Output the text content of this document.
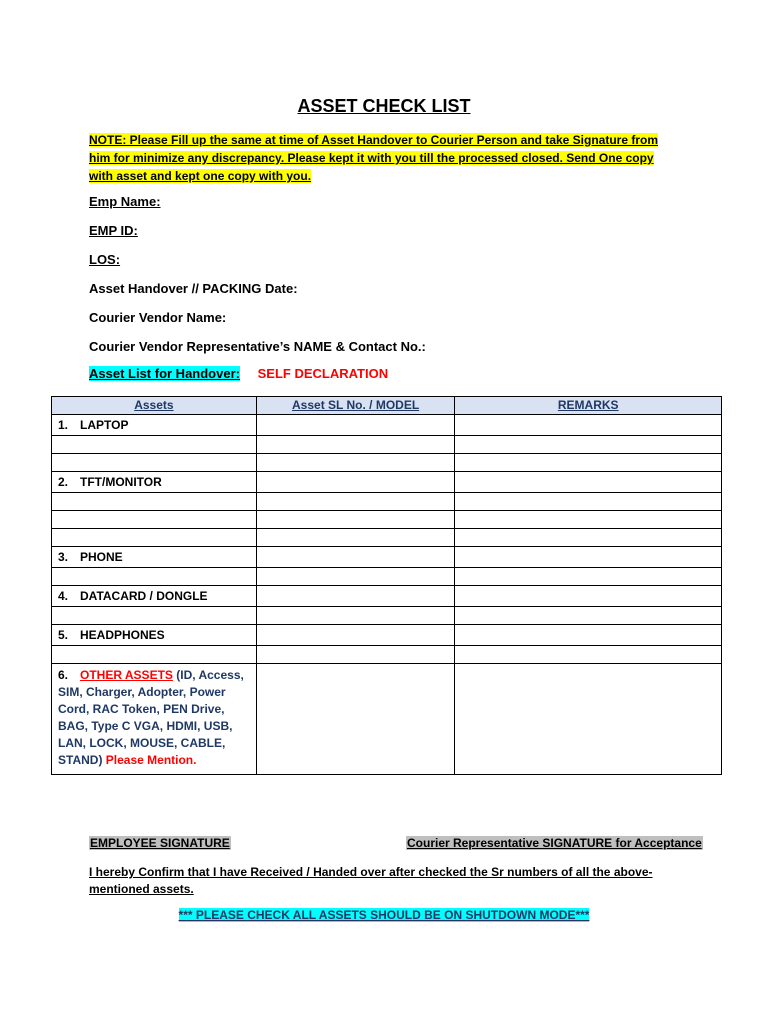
ASSET CHECK LIST
NOTE: Please Fill up the same at time of Asset Handover to Courier Person and take Signature from him for minimize any discrepancy. Please kept it with you till the processed closed. Send One copy with asset and kept one copy with you.
Emp Name:
EMP ID:
LOS:
Asset Handover // PACKING Date:
Courier Vendor Name:
Courier Vendor Representative’s NAME & Contact No.:
Asset List for Handover: SELF DECLARATION
Assets	Asset SL No. / MODEL	REMARKS
1. LAPTOP		

2. TFT/MONITOR		

3. PHONE		

4. DATACARD / DONGLE		

5. HEADPHONES		

6. OTHER ASSETS (ID, Access, SIM, Charger, Adopter, Power Cord, RAC Token, PEN Drive, BAG, Type C VGA, HDMI, USB, LAN, LOCK, MOUSE, CABLE, STAND) Please Mention.		

EMPLOYEE SIGNATURE	Courier Representative SIGNATURE for Acceptance
I hereby Confirm that I have Received / Handed over after checked the Sr numbers of all the above-mentioned assets.
*** PLEASE CHECK ALL ASSETS SHOULD BE ON SHUTDOWN MODE***
